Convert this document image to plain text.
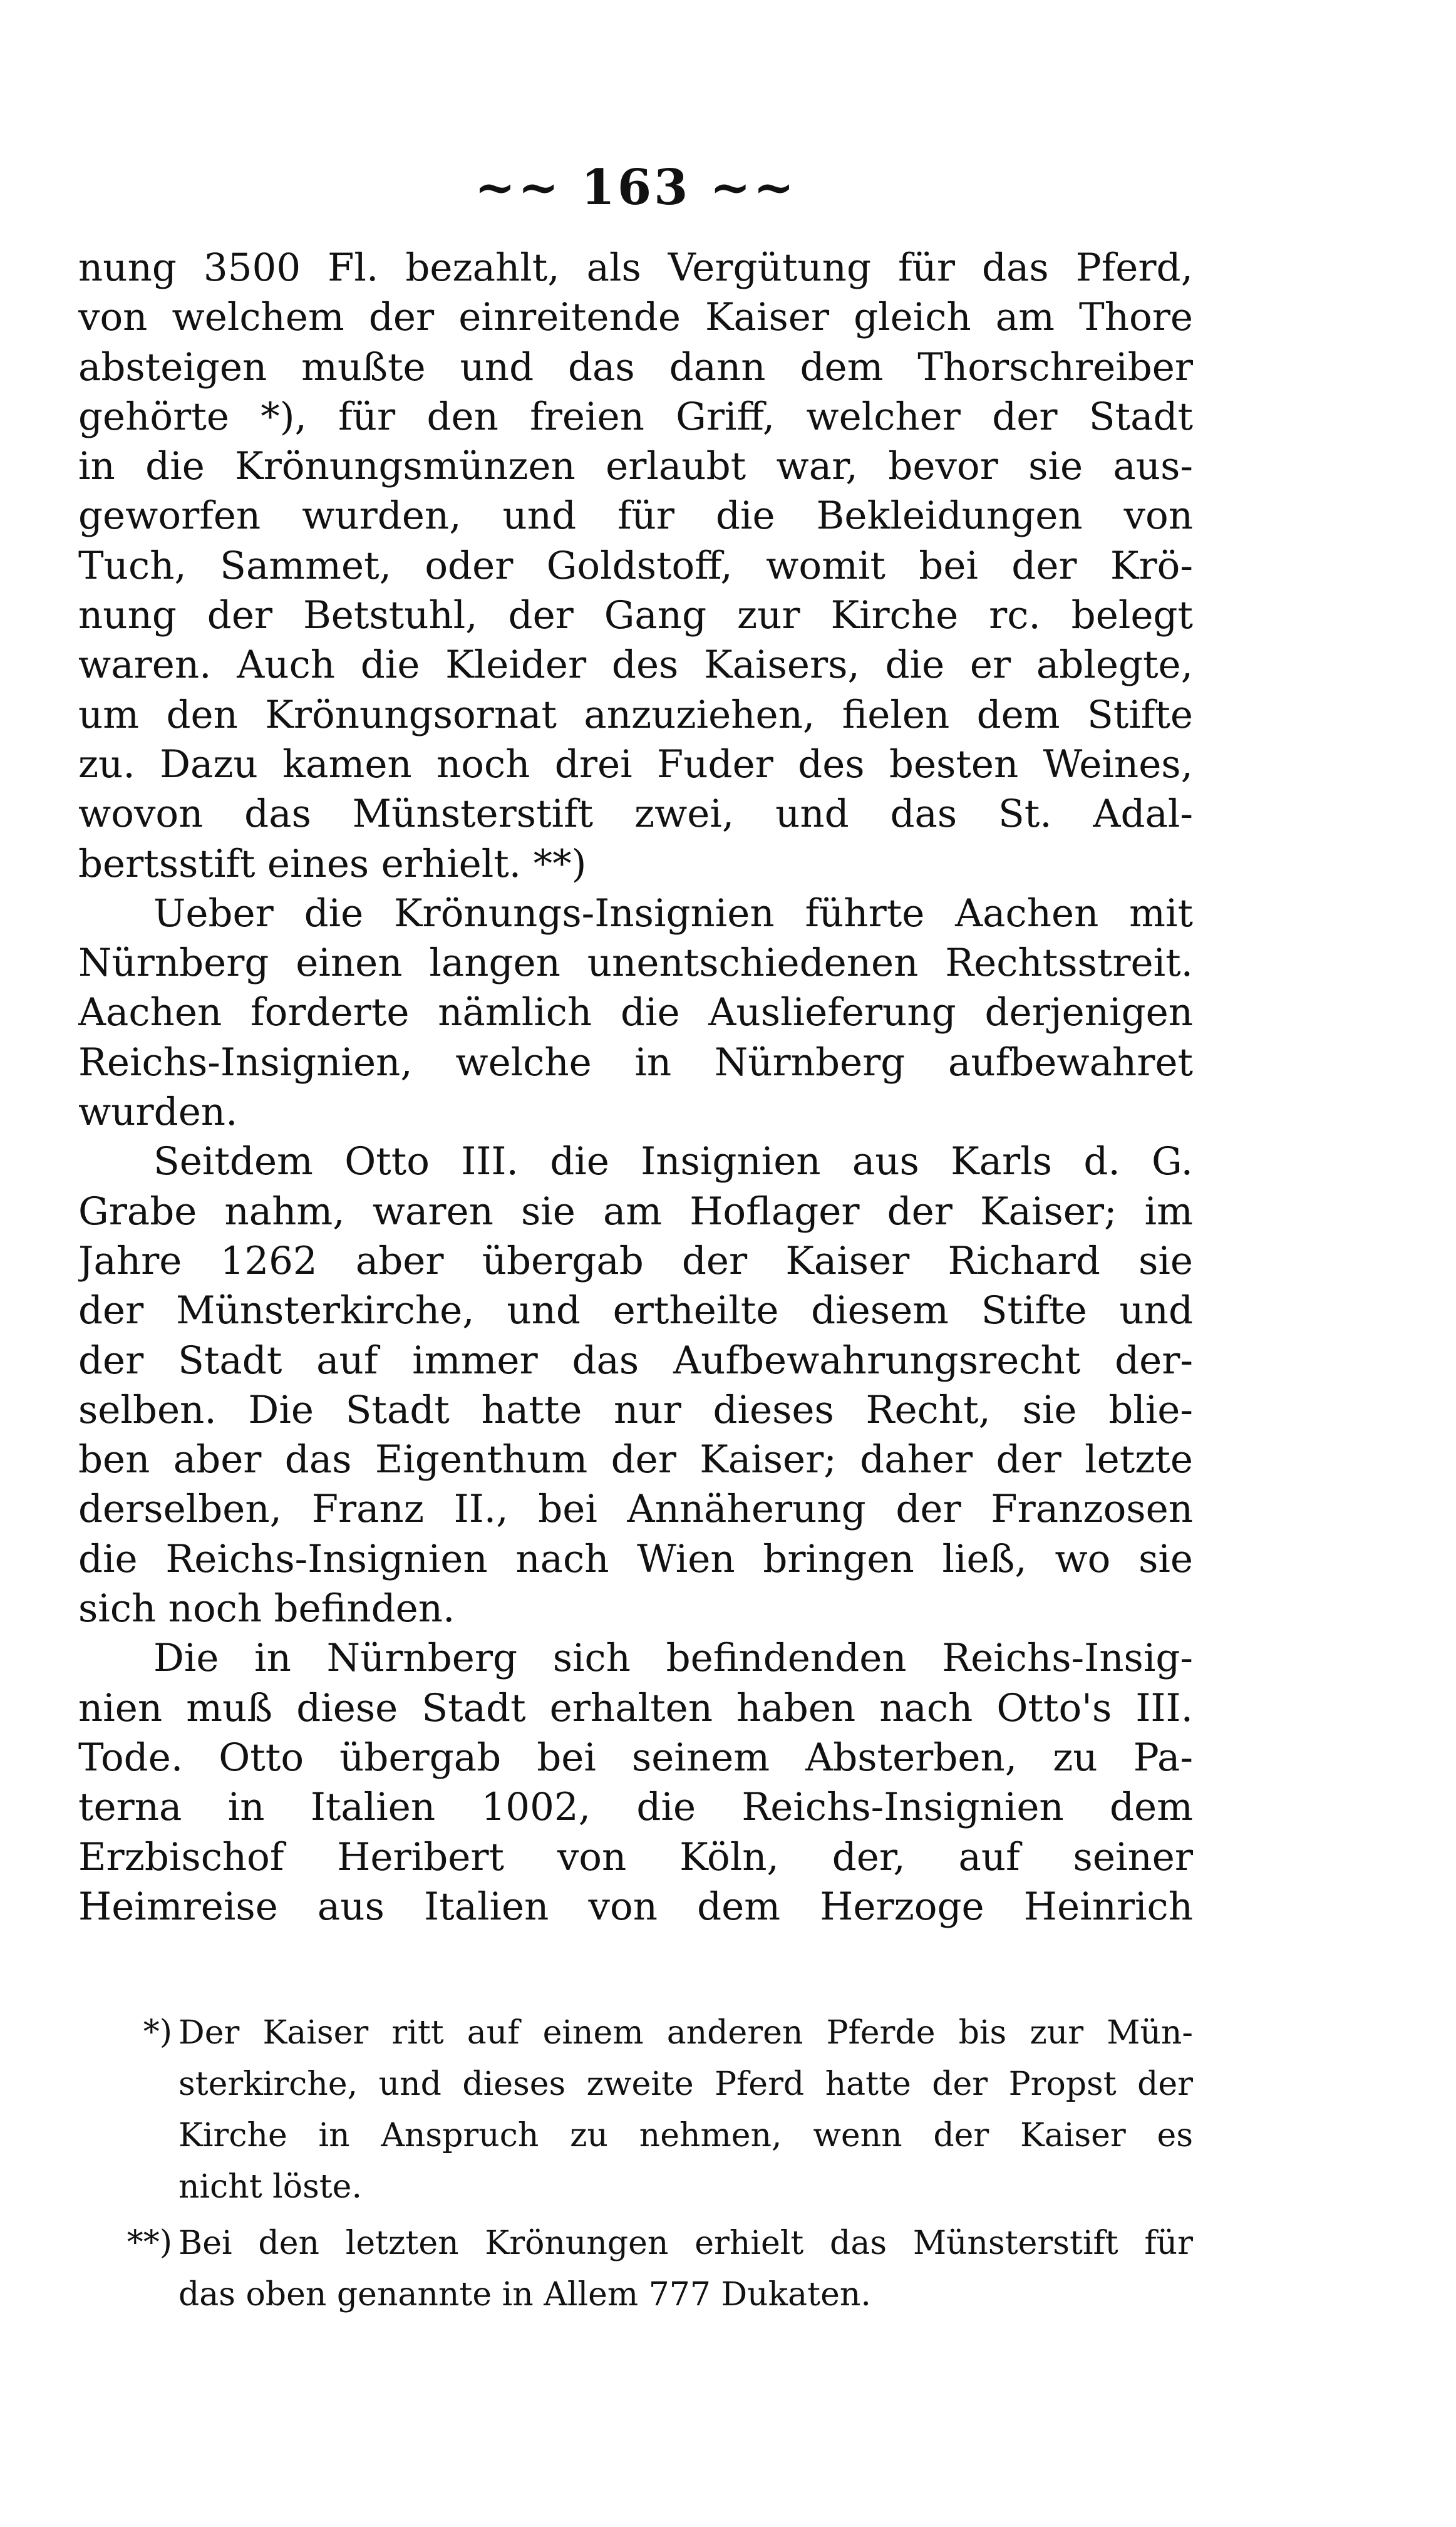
~~ 163 ~~
nung 3500 Fl. bezahlt, als Vergütung für das Pferd,
von welchem der einreitende Kaiser gleich am Thore
absteigen mußte und das dann dem Thorschreiber
gehörte *), für den freien Griff, welcher der Stadt
in die Krönungsmünzen erlaubt war, bevor sie aus-
geworfen wurden, und für die Bekleidungen von
Tuch, Sammet, oder Goldstoff, womit bei der Krö-
nung der Betstuhl, der Gang zur Kirche rc. belegt
waren. Auch die Kleider des Kaisers, die er ablegte,
um den Krönungsornat anzuziehen, fielen dem Stifte
zu. Dazu kamen noch drei Fuder des besten Weines,
wovon das Münsterstift zwei, und das St. Adal-
bertsstift eines erhielt. **)
Ueber die Krönungs-Insignien führte Aachen mit
Nürnberg einen langen unentschiedenen Rechtsstreit.
Aachen forderte nämlich die Auslieferung derjenigen
Reichs-Insignien, welche in Nürnberg aufbewahret
wurden.
Seitdem Otto III. die Insignien aus Karls d. G.
Grabe nahm, waren sie am Hoflager der Kaiser; im
Jahre 1262 aber übergab der Kaiser Richard sie
der Münsterkirche, und ertheilte diesem Stifte und
der Stadt auf immer das Aufbewahrungsrecht der-
selben. Die Stadt hatte nur dieses Recht, sie blie-
ben aber das Eigenthum der Kaiser; daher der letzte
derselben, Franz II., bei Annäherung der Franzosen
die Reichs-Insignien nach Wien bringen ließ, wo sie
sich noch befinden.
Die in Nürnberg sich befindenden Reichs-Insig-
nien muß diese Stadt erhalten haben nach Otto's III.
Tode. Otto übergab bei seinem Absterben, zu Pa-
terna in Italien 1002, die Reichs-Insignien dem
Erzbischof Heribert von Köln, der, auf seiner
Heimreise aus Italien von dem Herzoge Heinrich
*) Der Kaiser ritt auf einem anderen Pferde bis zur Mün-
sterkirche, und dieses zweite Pferd hatte der Propst der
Kirche in Anspruch zu nehmen, wenn der Kaiser es
nicht löste.
**) Bei den letzten Krönungen erhielt das Münsterstift für
das oben genannte in Allem 777 Dukaten.
